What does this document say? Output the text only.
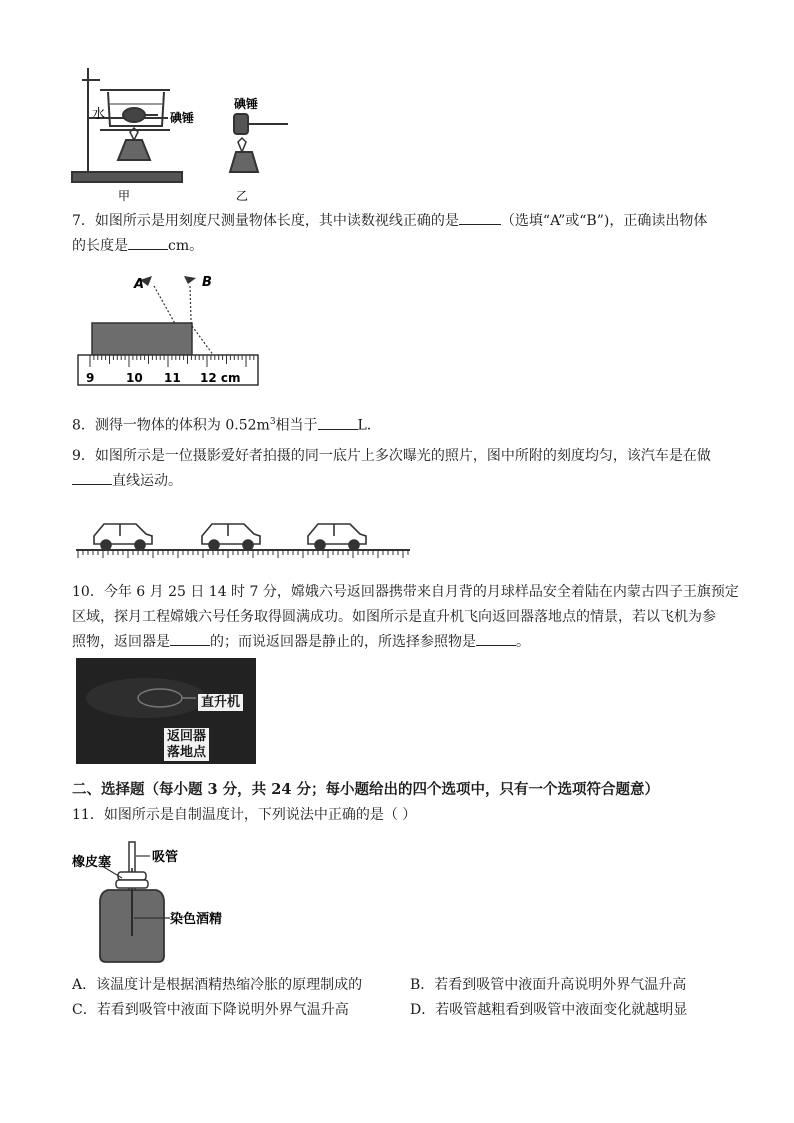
水	碘锤
碘锤
甲	乙
7．如图所示是用刻度尺测量物体长度，其中读数视线正确的是	（选填“A”或“B”)，正确读出物体
的长度是	cm。
A	B
9	10 11 12 cm
8．测得一物体的体积为 $0.52m^3$相当于	L．
9．如图所示是一位摄影爱好者拍摄的同一底片上多次曝光的照片，图中所附的刻度均匀，该汽车是在做
直线运动。
10．今年 6 月 25 日 14 时 7 分，嫦娥六号返回器携带来自月背的月球样品安全着陆在内蒙古四子王旗预定
区域，探月工程嫦娥六号任务取得圆满成功。如图所示是直升机飞向返回器落地点的情景，若以飞机为参
照物，返回器是	的；而说返回器是静止的，所选择参照物是	。
直升机
返回器
落地点
二、选择题（每小题 3 分，共 24 分；每小题给出的四个选项中，只有一个选项符合题意）
11．如图所示是自制温度计，下列说法中正确的是（ ）
吸管
橡皮塞
染色酒精
A．该温度计是根据酒精热缩冷胀的原理制成的	B．若看到吸管中液面升高说明外界气温升高
C．若看到吸管中液面下降说明外界气温升高	D．若吸管越粗看到吸管中液面变化就越明显
